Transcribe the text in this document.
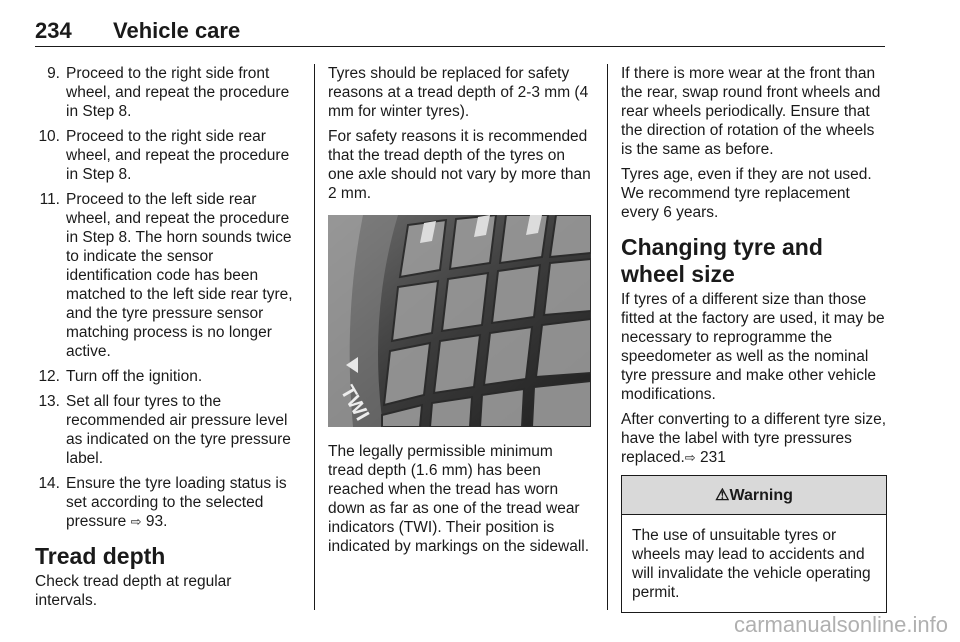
234 Vehicle care
9. Proceed to the right side front wheel, and repeat the procedure in Step 8.
10. Proceed to the right side rear wheel, and repeat the procedure in Step 8.
11. Proceed to the left side rear wheel, and repeat the procedure in Step 8. The horn sounds twice to indicate the sensor identification code has been matched to the left side rear tyre, and the tyre pressure sensor matching process is no longer active.
12. Turn off the ignition.
13. Set all four tyres to the recommended air pressure level as indicated on the tyre pressure label.
14. Ensure the tyre loading status is set according to the selected pressure ⇨ 93.
Tread depth

Check tread depth at regular intervals.

Tyres should be replaced for safety reasons at a tread depth of 2-3 mm (4 mm for winter tyres).

For safety reasons it is recommended that the tread depth of the tyres on one axle should not vary by more than 2 mm.

TWI

The legally permissible minimum tread depth (1.6 mm) has been reached when the tread has worn down as far as one of the tread wear indicators (TWI). Their position is indicated by markings on the sidewall.

If there is more wear at the front than the rear, swap round front wheels and rear wheels periodically. Ensure that the direction of rotation of the wheels is the same as before.

Tyres age, even if they are not used. We recommend tyre replacement every 6 years.

Changing tyre and wheel size

If tyres of a different size than those fitted at the factory are used, it may be necessary to reprogramme the speedometer as well as the nominal tyre pressure and make other vehicle modifications.

After converting to a different tyre size, have the label with tyre pressures replaced.⇨ 231

⚠ Warning
The use of unsuitable tyres or wheels may lead to accidents and will invalidate the vehicle operating permit.
carmanualsonline.info
